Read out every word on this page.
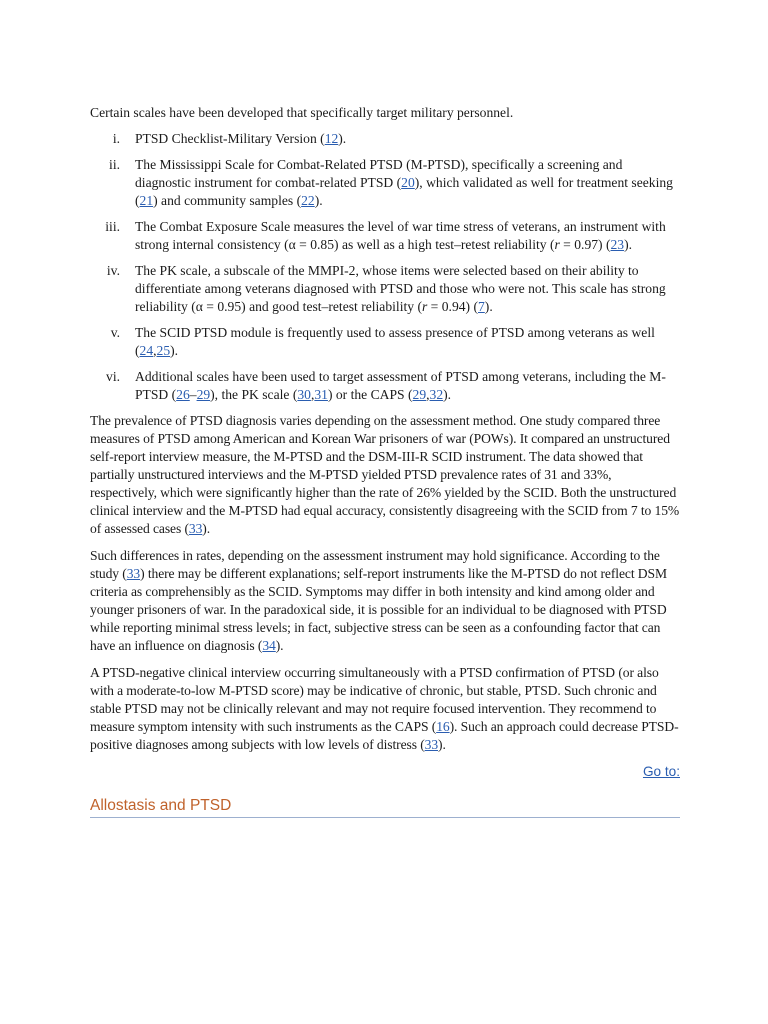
Certain scales have been developed that specifically target military personnel.

i. PTSD Checklist-Military Version (12).
ii. The Mississippi Scale for Combat-Related PTSD (M-PTSD), specifically a screening and diagnostic instrument for combat-related PTSD (20), which validated as well for treatment seeking (21) and community samples (22).
iii. The Combat Exposure Scale measures the level of war time stress of veterans, an instrument with strong internal consistency (α = 0.85) as well as a high test–retest reliability (r = 0.97) (23).
iv. The PK scale, a subscale of the MMPI-2, whose items were selected based on their ability to differentiate among veterans diagnosed with PTSD and those who were not. This scale has strong reliability (α = 0.95) and good test–retest reliability (r = 0.94) (7).
v. The SCID PTSD module is frequently used to assess presence of PTSD among veterans as well (24,25).
vi. Additional scales have been used to target assessment of PTSD among veterans, including the M-PTSD (26–29), the PK scale (30,31) or the CAPS (29,32).

The prevalence of PTSD diagnosis varies depending on the assessment method. One study compared three measures of PTSD among American and Korean War prisoners of war (POWs). It compared an unstructured self-report interview measure, the M-PTSD and the DSM-III-R SCID instrument. The data showed that partially unstructured interviews and the M-PTSD yielded PTSD prevalence rates of 31 and 33%, respectively, which were significantly higher than the rate of 26% yielded by the SCID. Both the unstructured clinical interview and the M-PTSD had equal accuracy, consistently disagreeing with the SCID from 7 to 15% of assessed cases (33).

Such differences in rates, depending on the assessment instrument may hold significance. According to the study (33) there may be different explanations; self-report instruments like the M-PTSD do not reflect DSM criteria as comprehensibly as the SCID. Symptoms may differ in both intensity and kind among older and younger prisoners of war. In the paradoxical side, it is possible for an individual to be diagnosed with PTSD while reporting minimal stress levels; in fact, subjective stress can be seen as a confounding factor that can have an influence on diagnosis (34).

A PTSD-negative clinical interview occurring simultaneously with a PTSD confirmation of PTSD (or also with a moderate-to-low M-PTSD score) may be indicative of chronic, but stable, PTSD. Such chronic and stable PTSD may not be clinically relevant and may not require focused intervention. They recommend to measure symptom intensity with such instruments as the CAPS (16). Such an approach could decrease PTSD-positive diagnoses among subjects with low levels of distress (33).

Go to:
Allostasis and PTSD
